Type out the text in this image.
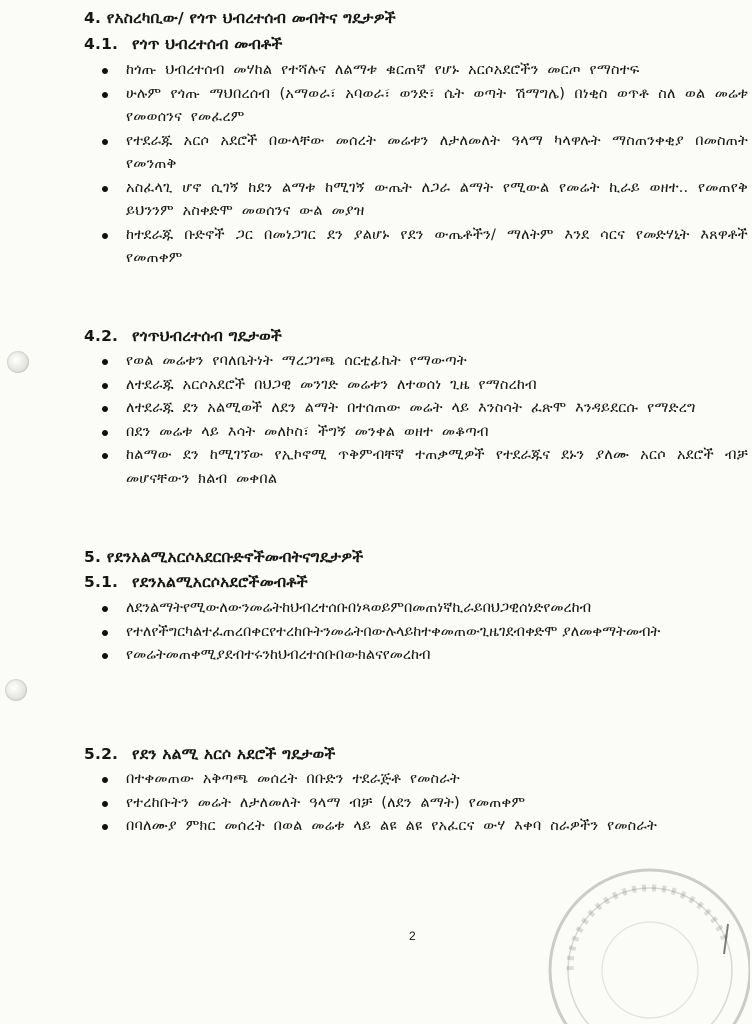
4. የአስረካቢው/ የጎጥ ህብረተሰብ መብትና ግዴታዎች
4.1. የጎጥ ህብረተሰብ መብቶች
ከጎጡ ህብረተሰብ መሃከል የተሻሉና ለልማቱ ቁርጠኛ የሆኑ አርሶአደሮችን መርጦ የማስተፍ
ሁሉም የጎጡ ማህበረሰብ (አማወራ፣ አባወራ፣ ወንድ፣ ሴት ወጣት ሽማግሌ) በነቂስ ወጥቶ ስለ ወል መሬቱ የመወሰንና የመፈረም
የተደራጁ አርሶ አደሮች በውላቸው መሰረት መሬቱን ለታለመለት ዓላማ ካላዋሉት ማስጠንቀቂያ በመስጠት የመንጠቅ
አስፈላጊ ሆኖ ሲገኝ ከደን ልማቱ ከሚገኝ ውጤት ለጋራ ልማት የሚውል የመሬት ኪራይ ወዘተ.. የመጠየቅ ይህንንም አስቀድሞ መወሰንና ውል መያዝ
ከተደራጁ ቡድኖች ጋር በመነጋገር ደን ያልሆኑ የደን ውጤቶችን/ ማለትም እንደ ሳርና የመድሃኒት እጸዋቶች የመጠቀም
4.2. የጎጥህብረተሰብ ግዴታወች
የወል መሬቱን የባለቤትነት ማረጋገጫ ሰርቲፊኬት የማውጣት
ለተደራጁ አርሶአደሮች በህጋዊ መንገድ መሬቱን ለተወሰነ ጊዜ የማስረከብ
ለተደራጁ ደን አልሚወች ለደን ልማት በተሰጠው መሬት ላይ እንስሳት ፈጽሞ እንዳይደርሱ የማድረግ
በደን መሬቱ ላይ እሳት መለኮስ፣ ችግኝ መንቀል ወዘተ መቆጣብ
ከልማው ደን ከሚገኘው የኢኮኖሚ ጥቅምብቸኛ ተጠቃሚዎች የተደራጁና ደኑን ያለሙ አርሶ አደሮች ብቻ መሆናቸውን ክልብ መቀበል
5. የደንአልሚአርሶአደርቡድኖችመብትናግዴታዎች
5.1. የደንአልሚአርሶአደሮችመብቶች
ለደንልማትየሚውለውንመሬትከህብረተሰቡበነጻወይምበመጠነኛኪራይበህጋዊሰነድየመረከብ
የተለየችግርካልተፈጠረበቀርየተረከቡትንመሬትበውሉላይከተቀመጠውጊዜገደብቀድሞ ያለመቀማትመብት
የመሬትመጠቀሚያደብተሩንከህብረተሰቡበውክልናየመረከብ
5.2. የደን አልሚ አርሶ አደሮች ግዴታወች
በተቀመጠው አቅጣጫ መሰረት በቡድን ተደራጅቶ የመስራት
የተረከቡትን መሬት ለታለመለት ዓላማ ብቻ (ለደን ልማት) የመጠቀም
በባለሙያ ምክር መሰረት በወል መሬቱ ላይ ልዩ ልዩ የአፈርና ውሃ እቀባ ስራዎችን የመስራት
2
